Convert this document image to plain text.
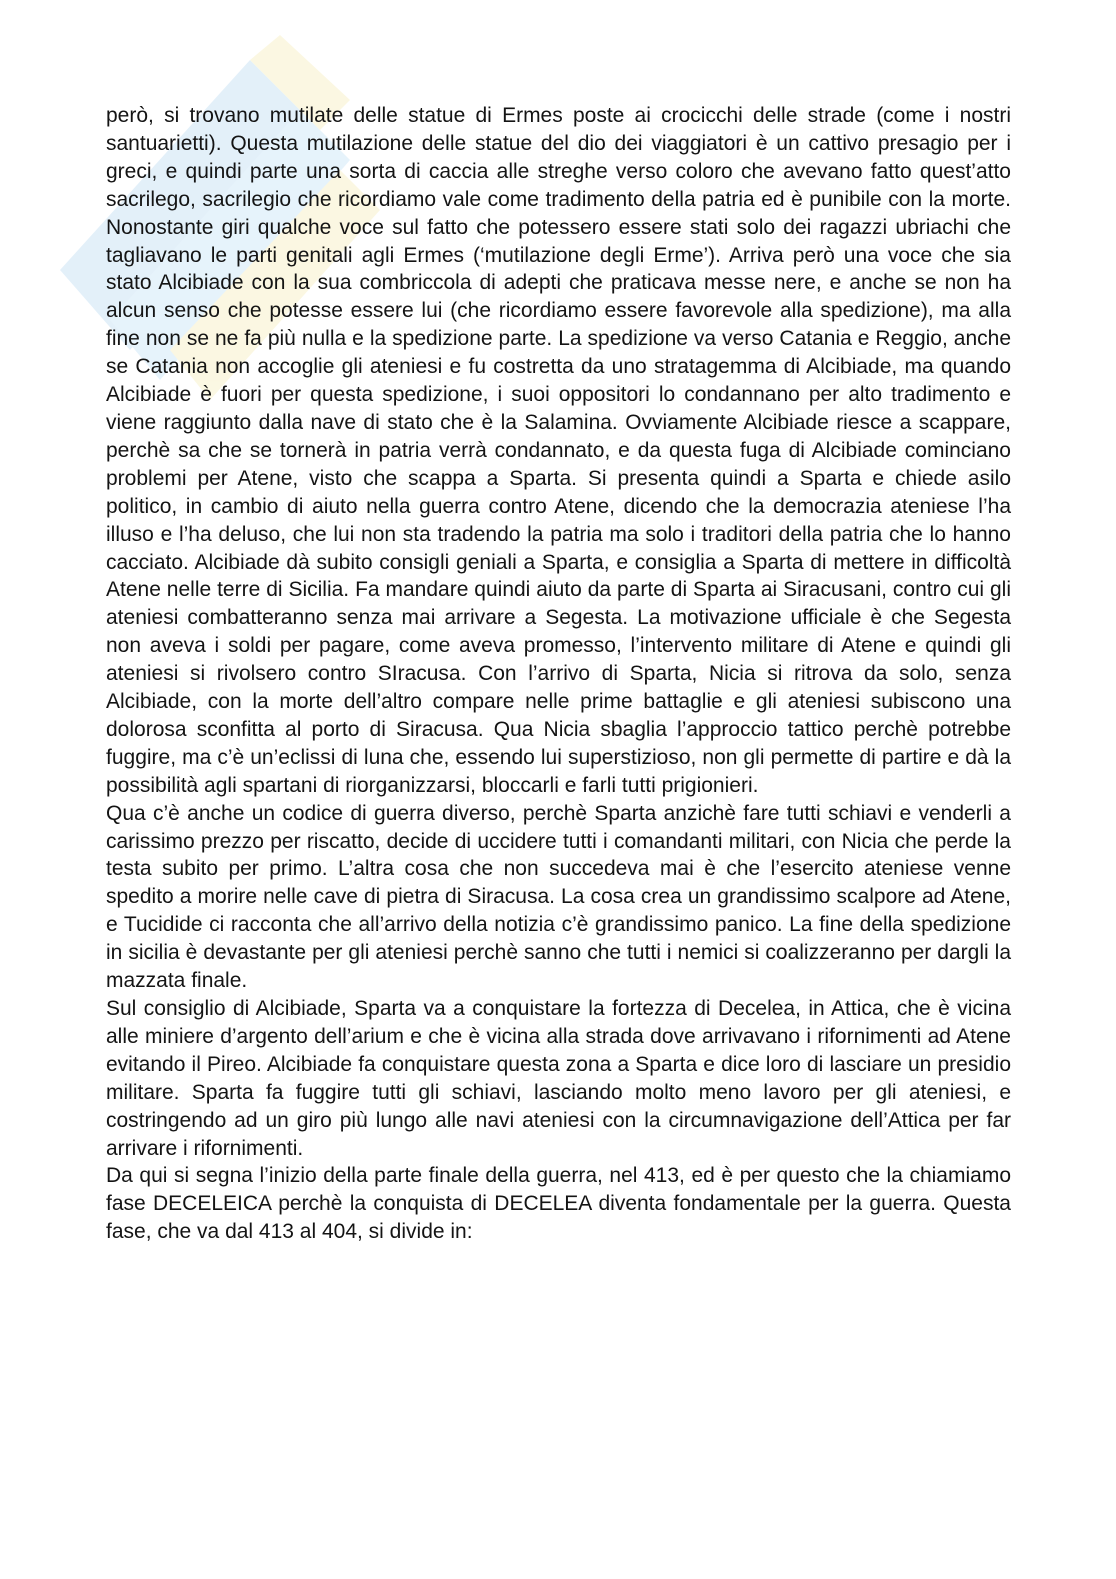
però, si trovano mutilate delle statue di Ermes poste ai crocicchi delle strade (come i nostri santuarietti). Questa mutilazione delle statue del dio dei viaggiatori è un cattivo presagio per i greci, e quindi parte una sorta di caccia alle streghe verso coloro che avevano fatto quest’atto sacrilego, sacrilegio che ricordiamo vale come tradimento della patria ed è punibile con la morte. Nonostante giri qualche voce sul fatto che potessero essere stati solo dei ragazzi ubriachi che tagliavano le parti genitali agli Ermes (‘mutilazione degli Erme’). Arriva però una voce che sia stato Alcibiade con la sua combriccola di adepti che praticava messe nere, e anche se non ha alcun senso che potesse essere lui (che ricordiamo essere favorevole alla spedizione), ma alla fine non se ne fa più nulla e la spedizione parte. La spedizione va verso Catania e Reggio, anche se Catania non accoglie gli ateniesi e fu costretta da uno stratagemma di Alcibiade, ma quando Alcibiade è fuori per questa spedizione, i suoi oppositori lo condannano per alto tradimento e viene raggiunto dalla nave di stato che è la Salamina. Ovviamente Alcibiade riesce a scappare, perchè sa che se tornerà in patria verrà condannato, e da questa fuga di Alcibiade cominciano problemi per Atene, visto che scappa a Sparta. Si presenta quindi a Sparta e chiede asilo politico, in cambio di aiuto nella guerra contro Atene, dicendo che la democrazia ateniese l’ha illuso e l’ha deluso, che lui non sta tradendo la patria ma solo i traditori della patria che lo hanno cacciato. Alcibiade dà subito consigli geniali a Sparta, e consiglia a Sparta di mettere in difficoltà Atene nelle terre di Sicilia. Fa mandare quindi aiuto da parte di Sparta ai Siracusani, contro cui gli ateniesi combatteranno senza mai arrivare a Segesta. La motivazione ufficiale è che Segesta non aveva i soldi per pagare, come aveva promesso, l’intervento militare di Atene e quindi gli ateniesi si rivolsero contro SIracusa. Con l’arrivo di Sparta, Nicia si ritrova da solo, senza Alcibiade, con la morte dell’altro compare nelle prime battaglie e gli ateniesi subiscono una dolorosa sconfitta al porto di Siracusa. Qua Nicia sbaglia l’approccio tattico perchè potrebbe fuggire, ma c’è un’eclissi di luna che, essendo lui superstizioso, non gli permette di partire e dà la possibilità agli spartani di riorganizzarsi, bloccarli e farli tutti prigionieri.

Qua c’è anche un codice di guerra diverso, perchè Sparta anzichè fare tutti schiavi e venderli a carissimo prezzo per riscatto, decide di uccidere tutti i comandanti militari, con Nicia che perde la testa subito per primo. L’altra cosa che non succedeva mai è che l’esercito ateniese venne spedito a morire nelle cave di pietra di Siracusa. La cosa crea un grandissimo scalpore ad Atene, e Tucidide ci racconta che all’arrivo della notizia c’è grandissimo panico. La fine della spedizione in sicilia è devastante per gli ateniesi perchè sanno che tutti i nemici si coalizzeranno per dargli la mazzata finale.

Sul consiglio di Alcibiade, Sparta va a conquistare la fortezza di Decelea, in Attica, che è vicina alle miniere d’argento dell’arium e che è vicina alla strada dove arrivavano i rifornimenti ad Atene evitando il Pireo. Alcibiade fa conquistare questa zona a Sparta e dice loro di lasciare un presidio militare. Sparta fa fuggire tutti gli schiavi, lasciando molto meno lavoro per gli ateniesi, e costringendo ad un giro più lungo alle navi ateniesi con la circumnavigazione dell’Attica per far arrivare i rifornimenti.

Da qui si segna l’inizio della parte finale della guerra, nel 413, ed è per questo che la chiamiamo fase DECELEICA perchè la conquista di DECELEA diventa fondamentale per la guerra. Questa fase, che va dal 413 al 404, si divide in:
